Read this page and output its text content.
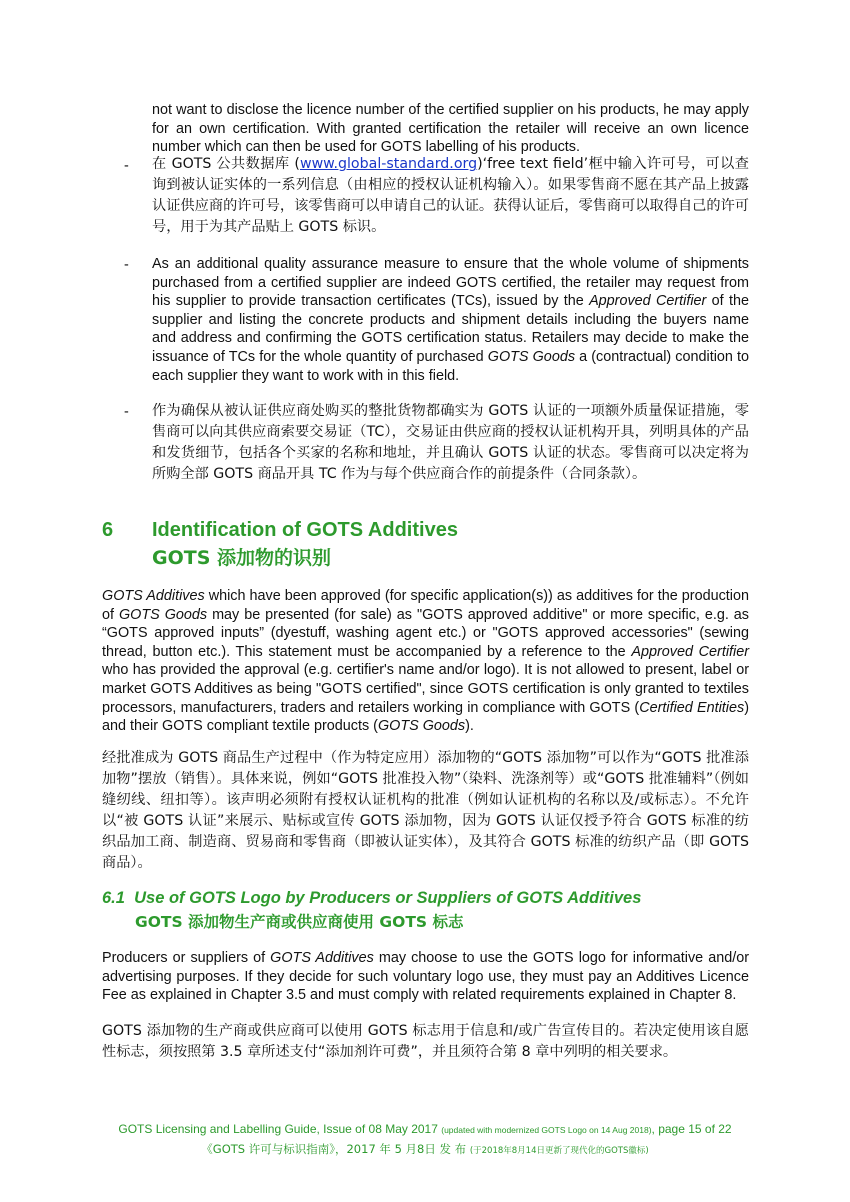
not want to disclose the licence number of the certified supplier on his products, he may apply for an own certification. With granted certification the retailer will receive an own licence number which can then be used for GOTS labelling of his products.

- 在 GOTS 公共数据库 (www.global-standard.org)‘free text field’框中输入许可号，可以查询到被认证实体的一系列信息（由相应的授权认证机构输入）。如果零售商不愿在其产品上披露认证供应商的许可号，该零售商可以申请自己的认证。获得认证后，零售商可以取得自己的许可号，用于为其产品贴上 GOTS 标识。

- As an additional quality assurance measure to ensure that the whole volume of shipments purchased from a certified supplier are indeed GOTS certified, the retailer may request from his supplier to provide transaction certificates (TCs), issued by the Approved Certifier of the supplier and listing the concrete products and shipment details including the buyers name and address and confirming the GOTS certification status. Retailers may decide to make the issuance of TCs for the whole quantity of purchased GOTS Goods a (contractual) condition to each supplier they want to work with in this field.

- 作为确保从被认证供应商处购买的整批货物都确实为 GOTS 认证的一项额外质量保证措施，零售商可以向其供应商索要交易证（TC），交易证由供应商的授权认证机构开具，列明具体的产品和发货细节，包括各个买家的名称和地址，并且确认 GOTS 认证的状态。零售商可以决定将为所购全部 GOTS 商品开具 TC 作为与每个供应商合作的前提条件（合同条款）。

6 Identification of GOTS Additives
GOTS 添加物的识别

GOTS Additives which have been approved (for specific application(s)) as additives for the production of GOTS Goods may be presented (for sale) as "GOTS approved additive" or more specific, e.g. as “GOTS approved inputs” (dyestuff, washing agent etc.) or "GOTS approved accessories" (sewing thread, button etc.). This statement must be accompanied by a reference to the Approved Certifier who has provided the approval (e.g. certifier's name and/or logo). It is not allowed to present, label or market GOTS Additives as being "GOTS certified", since GOTS certification is only granted to textiles processors, manufacturers, traders and retailers working in compliance with GOTS (Certified Entities) and their GOTS compliant textile products (GOTS Goods).

经批准成为 GOTS 商品生产过程中（作为特定应用）添加物的“GOTS 添加物”可以作为“GOTS 批准添加物”摆放（销售）。具体来说，例如“GOTS 批准投入物”（染料、洗涤剂等）或“GOTS 批准辅料”（例如缝纫线、纽扣等）。该声明必须附有授权认证机构的批准（例如认证机构的名称以及/或标志）。不允许以“被 GOTS 认证”来展示、贴标或宣传 GOTS 添加物，因为 GOTS 认证仅授予符合 GOTS 标准的纺织品加工商、制造商、贸易商和零售商（即被认证实体），及其符合 GOTS 标准的纺织产品（即 GOTS 商品）。

6.1  Use of GOTS Logo by Producers or Suppliers of GOTS Additives
GOTS 添加物生产商或供应商使用 GOTS 标志

Producers or suppliers of GOTS Additives may choose to use the GOTS logo for informative and/or advertising purposes. If they decide for such voluntary logo use, they must pay an Additives Licence Fee as explained in Chapter 3.5 and must comply with related requirements explained in Chapter 8.

GOTS 添加物的生产商或供应商可以使用 GOTS 标志用于信息和/或广告宣传目的。若决定使用该自愿性标志，须按照第 3.5 章所述支付“添加剂许可费”，并且须符合第 8 章中列明的相关要求。

GOTS Licensing and Labelling Guide, Issue of 08 May 2017 (updated with modernized GOTS Logo on 14 Aug 2018), page 15 of 22
《GOTS 许可与标识指南》，2017 年 5 月8日 发 布 (于2018年8月14日更新了现代化的GOTS徽标)
